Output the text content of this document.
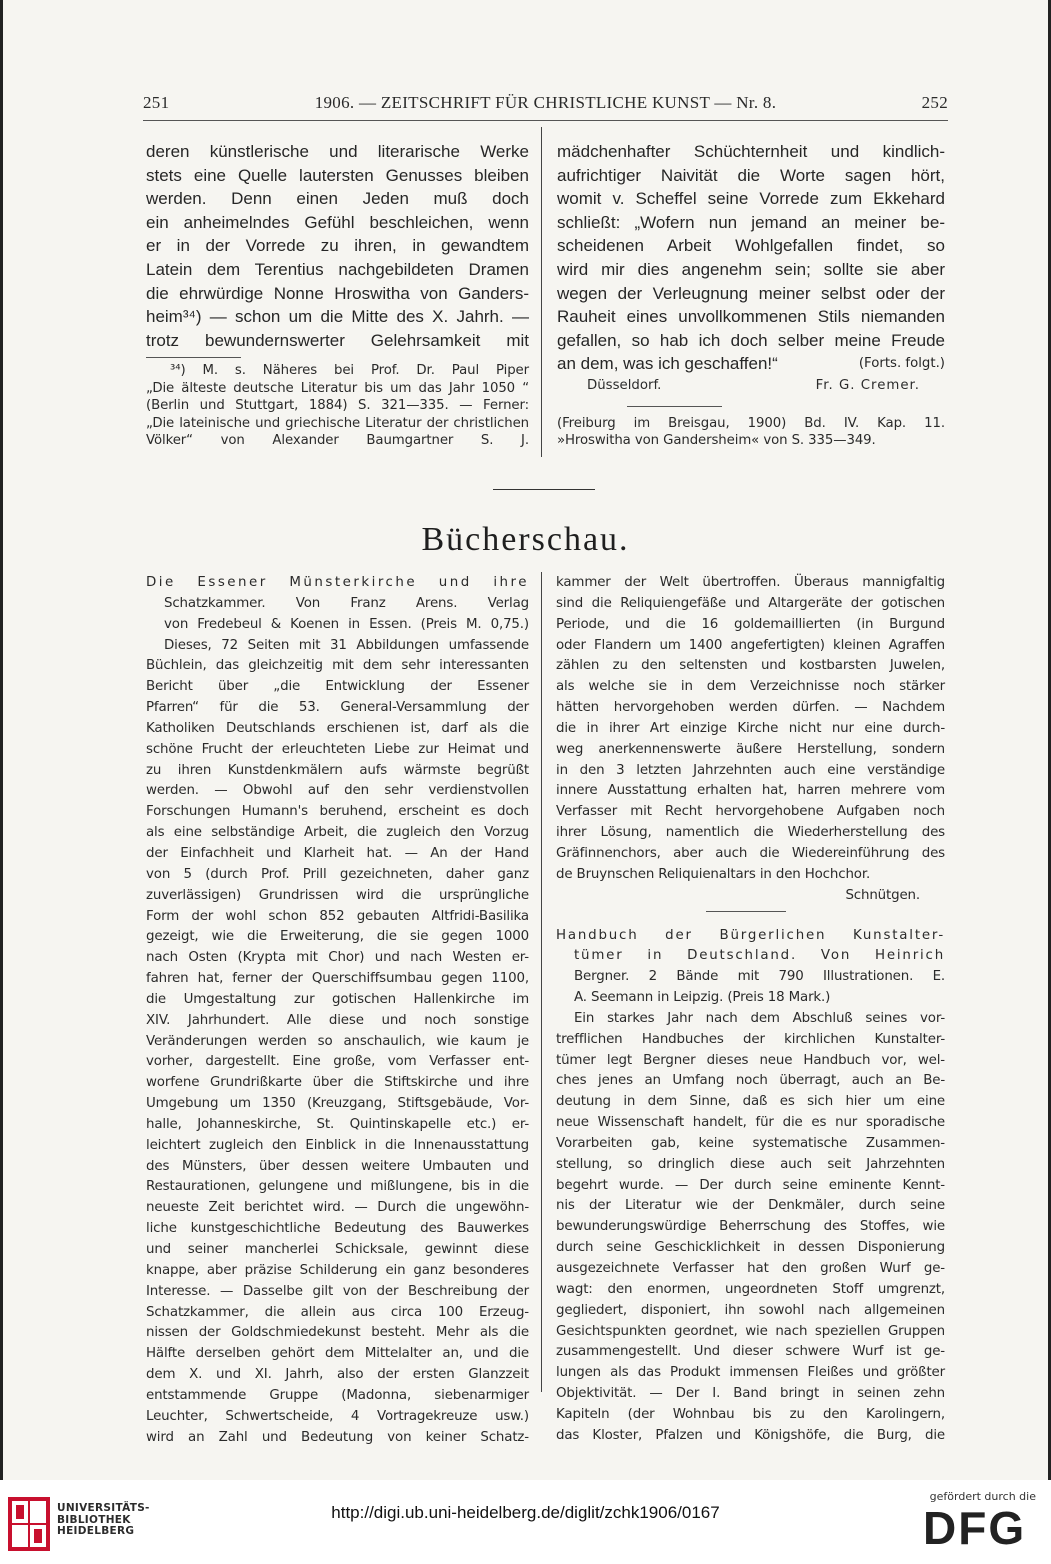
251	1906. — ZEITSCHRIFT FÜR CHRISTLICHE KUNST — Nr. 8.	252

deren künstlerische und literarische Werke

stets eine Quelle lautersten Genusses bleiben

werden. Denn einen Jeden muß doch

ein anheimelndes Gefühl beschleichen, wenn

er in der Vorrede zu ihren, in gewandtem

Latein dem Terentius nachgebildeten Dramen

die ehrwürdige Nonne Hroswitha von Ganders-

heim³⁴) — schon um die Mitte des X. Jahrh. —

trotz bewundernswerter Gelehrsamkeit mit

³⁴) M. s. Näheres bei Prof. Dr. Paul Piper

„Die älteste deutsche Literatur bis um das Jahr 1050 “

(Berlin und Stuttgart, 1884) S. 321—335. — Ferner:

„Die lateinische und griechische Literatur der christlichen

Völker“ von Alexander Baumgartner S. J.

mädchenhafter Schüchternheit und kindlich-

aufrichtiger Naivität die Worte sagen hört,

womit v. Scheffel seine Vorrede zum Ekkehard

schließt: „Wofern nun jemand an meiner be-

scheidenen Arbeit Wohlgefallen findet, so

wird mir dies angenehm sein; sollte sie aber

wegen der Verleugnung meiner selbst oder der

Rauheit eines unvollkommenen Stils niemanden

gefallen, so hab ich doch selber meine Freude

an dem, was ich geschaffen!“	(Forts. folgt.)

Düsseldorf.	Fr. G. Cremer.

(Freiburg im Breisgau, 1900) Bd. IV. Kap. 11.

»Hroswitha von Gandersheim« von S. 335—349.

Bücherschau.

Die Essener Münsterkirche und ihre

Schatzkammer. Von Franz Arens. Verlag

von Fredebeul & Koenen in Essen. (Preis M. 0,75.)

Dieses, 72 Seiten mit 31 Abbildungen umfassende

Büchlein, das gleichzeitig mit dem sehr interessanten

Bericht über „die Entwicklung der Essener

Pfarren“ für die 53. General-Versammlung der

Katholiken Deutschlands erschienen ist, darf als die

schöne Frucht der erleuchteten Liebe zur Heimat und

zu ihren Kunstdenkmälern aufs wärmste begrüßt

werden. — Obwohl auf den sehr verdienstvollen

Forschungen Humann's beruhend, erscheint es doch

als eine selbständige Arbeit, die zugleich den Vorzug

der Einfachheit und Klarheit hat. — An der Hand

von 5 (durch Prof. Prill gezeichneten, daher ganz

zuverlässigen) Grundrissen wird die ursprüngliche

Form der wohl schon 852 gebauten Altfridi-Basilika

gezeigt, wie die Erweiterung, die sie gegen 1000

nach Osten (Krypta mit Chor) und nach Westen er-

fahren hat, ferner der Querschiffsumbau gegen 1100,

die Umgestaltung zur gotischen Hallenkirche im

XIV. Jahrhundert. Alle diese und noch sonstige

Veränderungen werden so anschaulich, wie kaum je

vorher, dargestellt. Eine große, vom Verfasser ent-

worfene Grundrißkarte über die Stiftskirche und ihre

Umgebung um 1350 (Kreuzgang, Stiftsgebäude, Vor-

halle, Johanneskirche, St. Quintinskapelle etc.) er-

leichtert zugleich den Einblick in die Innenausstattung

des Münsters, über dessen weitere Umbauten und

Restaurationen, gelungene und mißlungene, bis in die

neueste Zeit berichtet wird. — Durch die ungewöhn-

liche kunstgeschichtliche Bedeutung des Bauwerkes

und seiner mancherlei Schicksale, gewinnt diese

knappe, aber präzise Schilderung ein ganz besonderes

Interesse. — Dasselbe gilt von der Beschreibung der

Schatzkammer, die allein aus circa 100 Erzeug-

nissen der Goldschmiedekunst besteht. Mehr als die

Hälfte derselben gehört dem Mittelalter an, und die

dem X. und XI. Jahrh, also der ersten Glanzzeit

entstammende Gruppe (Madonna, siebenarmiger

Leuchter, Schwertscheide, 4 Vortragekreuze usw.)

wird an Zahl und Bedeutung von keiner Schatz-

kammer der Welt übertroffen. Überaus mannigfaltig

sind die Reliquiengefäße und Altargeräte der gotischen

Periode, und die 16 goldemaillierten (in Burgund

oder Flandern um 1400 angefertigten) kleinen Agraffen

zählen zu den seltensten und kostbarsten Juwelen,

als welche sie in dem Verzeichnisse noch stärker

hätten hervorgehoben werden dürfen. — Nachdem

die in ihrer Art einzige Kirche nicht nur eine durch-

weg anerkennenswerte äußere Herstellung, sondern

in den 3 letzten Jahrzehnten auch eine verständige

innere Ausstattung erhalten hat, harren mehrere vom

Verfasser mit Recht hervorgehobene Aufgaben noch

ihrer Lösung, namentlich die Wiederherstellung des

Gräfinnenchors, aber auch die Wiedereinführung des

de Bruynschen Reliquienaltars in den Hochchor.

Schnütgen.

Handbuch der Bürgerlichen Kunstalter-

tümer in Deutschland. Von Heinrich

Bergner. 2 Bände mit 790 Illustrationen. E.

A. Seemann in Leipzig. (Preis 18 Mark.)

Ein starkes Jahr nach dem Abschluß seines vor-

trefflichen Handbuches der kirchlichen Kunstalter-

tümer legt Bergner dieses neue Handbuch vor, wel-

ches jenes an Umfang noch überragt, auch an Be-

deutung in dem Sinne, daß es sich hier um eine

neue Wissenschaft handelt, für die es nur sporadische

Vorarbeiten gab, keine systematische Zusammen-

stellung, so dringlich diese auch seit Jahrzehnten

begehrt wurde. — Der durch seine eminente Kennt-

nis der Literatur wie der Denkmäler, durch seine

bewunderungswürdige Beherrschung des Stoffes, wie

durch seine Geschicklichkeit in dessen Disponierung

ausgezeichnete Verfasser hat den großen Wurf ge-

wagt: den enormen, ungeordneten Stoff umgrenzt,

gegliedert, disponiert, ihn sowohl nach allgemeinen

Gesichtspunkten geordnet, wie nach speziellen Gruppen

zusammengestellt. Und dieser schwere Wurf ist ge-

lungen als das Produkt immensen Fleißes und größter

Objektivität. — Der I. Band bringt in seinen zehn

Kapiteln (der Wohnbau bis zu den Karolingern,

das Kloster, Pfalzen und Königshöfe, die Burg, die

UNIVERSITÄTS-
BIBLIOTHEK
HEIDELBERG
http://digi.ub.uni-heidelberg.de/diglit/zchk1906/0167
gefördert durch die
DFG
